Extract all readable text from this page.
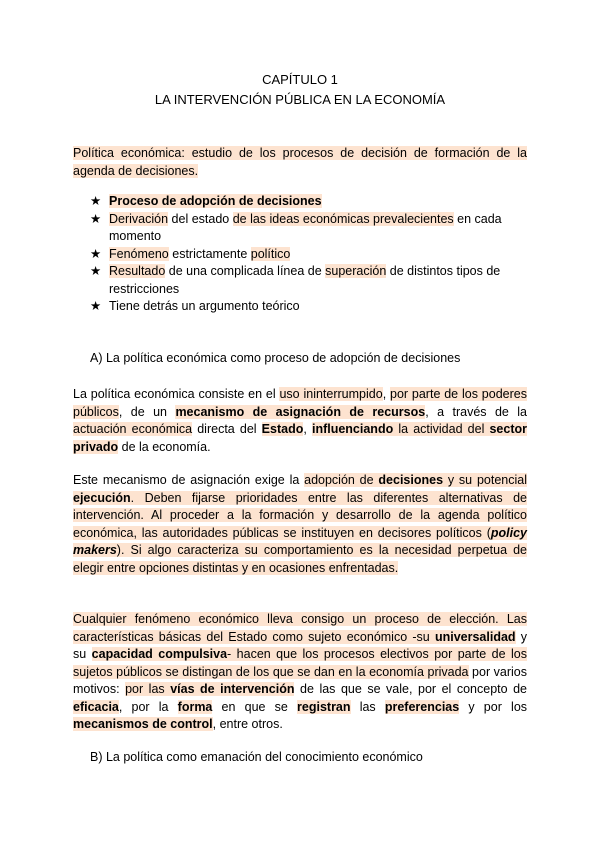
CAPÍTULO 1
LA INTERVENCIÓN PÚBLICA EN LA ECONOMÍA
Política económica: estudio de los procesos de decisión de formación de la agenda de decisiones.
★ Proceso de adopción de decisiones
★ Derivación del estado de las ideas económicas prevalecientes en cada momento
★ Fenómeno estrictamente político
★ Resultado de una complicada línea de superación de distintos tipos de restricciones
★ Tiene detrás un argumento teórico
A) La política económica como proceso de adopción de decisiones
La política económica consiste en el uso ininterrumpido, por parte de los poderes públicos, de un mecanismo de asignación de recursos, a través de la actuación económica directa del Estado, influenciando la actividad del sector privado de la economía.
Este mecanismo de asignación exige la adopción de decisiones y su potencial ejecución. Deben fijarse prioridades entre las diferentes alternativas de intervención. Al proceder a la formación y desarrollo de la agenda político económica, las autoridades públicas se instituyen en decisores políticos (policy makers). Si algo caracteriza su comportamiento es la necesidad perpetua de elegir entre opciones distintas y en ocasiones enfrentadas.
Cualquier fenómeno económico lleva consigo un proceso de elección. Las características básicas del Estado como sujeto económico -su universalidad y su capacidad compulsiva- hacen que los procesos electivos por parte de los sujetos públicos se distingan de los que se dan en la economía privada por varios motivos: por las vías de intervención de las que se vale, por el concepto de eficacia, por la forma en que se registran las preferencias y por los mecanismos de control, entre otros.
B) La política como emanación del conocimiento económico
